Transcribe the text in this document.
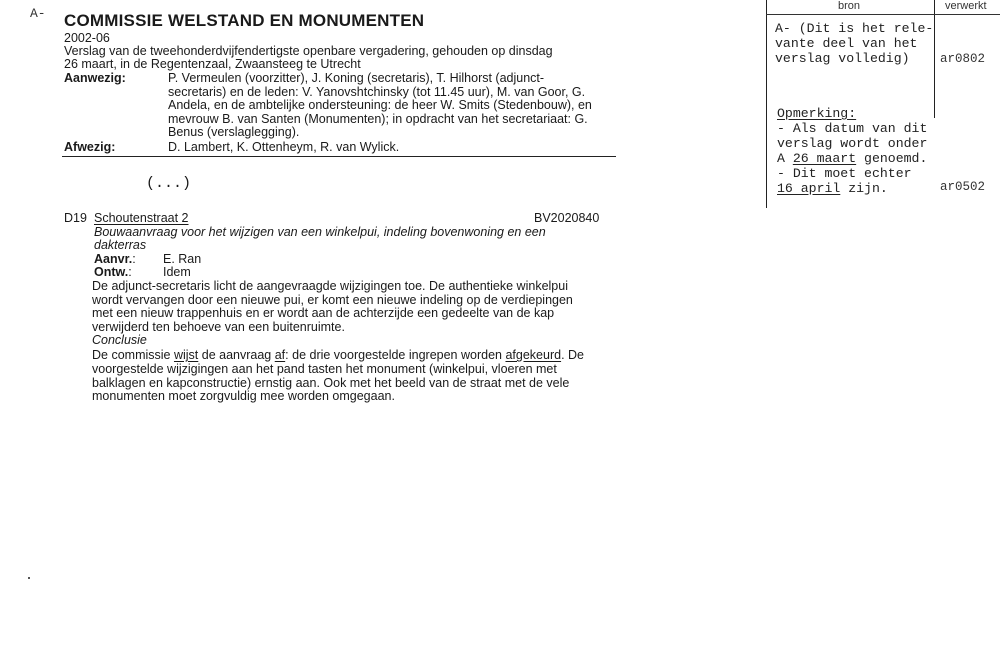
A- COMMISSIE WELSTAND EN MONUMENTEN
2002-06
Verslag van de tweehonderdvijfendertigste openbare vergadering, gehouden op dinsdag
26 maart, in de Regentenzaal, Zwaansteeg te Utrecht
Aanwezig:	P. Vermeulen (voorzitter), J. Koning (secretaris), T. Hilhorst (adjunct-
secretaris) en de leden: V. Yanovshtchinsky (tot 11.45 uur), M. van Goor, G.
Andela, en de ambtelijke ondersteuning: de heer W. Smits (Stedenbouw), en
mevrouw B. van Santen (Monumenten); in opdracht van het secretariaat: G.
Benus (verslaglegging).
Afwezig:	D. Lambert, K. Ottenheym, R. van Wylick.
(...)
D19 Schoutenstraat 2	BV2020840
Bouwaanvraag voor het wijzigen van een winkelpui, indeling bovenwoning en een
dakterras
Aanvr.: E. Ran
Ontw.:	Idem
De adjunct-secretaris licht de aangevraagde wijzigingen toe. De authentieke winkelpui
wordt vervangen door een nieuwe pui, er komt een nieuwe indeling op de verdiepingen
met een nieuw trappenhuis en er wordt aan de achterzijde een gedeelte van de kap
verwijderd ten behoeve van een buitenruimte.
Conclusie
De commissie wijst de aanvraag af: de drie voorgestelde ingrepen worden afgekeurd. De
voorgestelde wijzigingen aan het pand tasten het monument (winkelpui, vloeren met
balklagen en kapconstructie) ernstig aan. Ook met het beeld van de straat met de vele
monumenten moet zorgvuldig mee worden omgegaan.
bron	verwerkt
A- (Dit is het rele-
vante deel van het
verslag volledig)	ar0802
Opmerking:
- Als datum van dit
verslag wordt onder
A 26 maart genoemd.
- Dit moet echter
16 april zijn.	ar0502
